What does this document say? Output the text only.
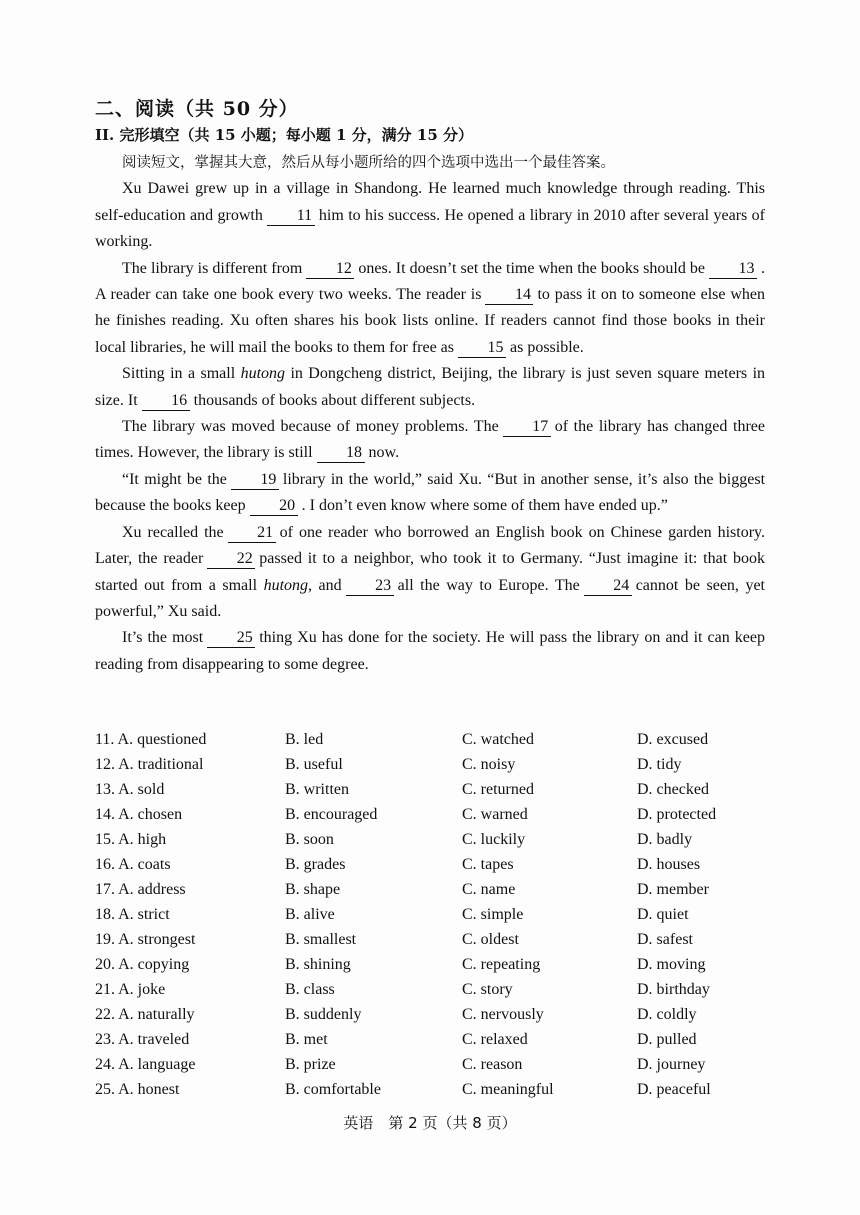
二、阅读（共 50 分）
II. 完形填空（共 15 小题；每小题 1 分，满分 15 分）

阅读短文，掌握其大意，然后从每小题所给的四个选项中选出一个最佳答案。

Xu Dawei grew up in a village in Shandong. He learned much knowledge through reading. This self-education and growth 11 him to his success. He opened a library in 2010 after several years of working.

The library is different from 12 ones. It doesn’t set the time when the books should be 13 . A reader can take one book every two weeks. The reader is 14 to pass it on to someone else when he finishes reading. Xu often shares his book lists online. If readers cannot find those books in their local libraries, he will mail the books to them for free as 15 as possible.

Sitting in a small hutong in Dongcheng district, Beijing, the library is just seven square meters in size. It 16 thousands of books about different subjects.

The library was moved because of money problems. The 17 of the library has changed three times. However, the library is still 18 now.

“It might be the 19 library in the world,” said Xu. “But in another sense, it’s also the biggest because the books keep 20 . I don’t even know where some of them have ended up.”

Xu recalled the 21 of one reader who borrowed an English book on Chinese garden history. Later, the reader 22 passed it to a neighbor, who took it to Germany. “Just imagine it: that book started out from a small hutong, and 23 all the way to Europe. The 24 cannot be seen, yet powerful,” Xu said.

It’s the most 25 thing Xu has done for the society. He will pass the library on and it can keep reading from disappearing to some degree.

11. A. questioned	B. led	C. watched	D. excused
12. A. traditional	B. useful	C. noisy	D. tidy
13. A. sold	B. written	C. returned	D. checked
14. A. chosen	B. encouraged	C. warned	D. protected
15. A. high	B. soon	C. luckily	D. badly
16. A. coats	B. grades	C. tapes	D. houses
17. A. address	B. shape	C. name	D. member
18. A. strict	B. alive	C. simple	D. quiet
19. A. strongest	B. smallest	C. oldest	D. safest
20. A. copying	B. shining	C. repeating	D. moving
21. A. joke	B. class	C. story	D. birthday
22. A. naturally	B. suddenly	C. nervously	D. coldly
23. A. traveled	B. met	C. relaxed	D. pulled
24. A. language	B. prize	C. reason	D. journey
25. A. honest	B. comfortable	C. meaningful	D. peaceful
英语　第 2 页（共 8 页）
